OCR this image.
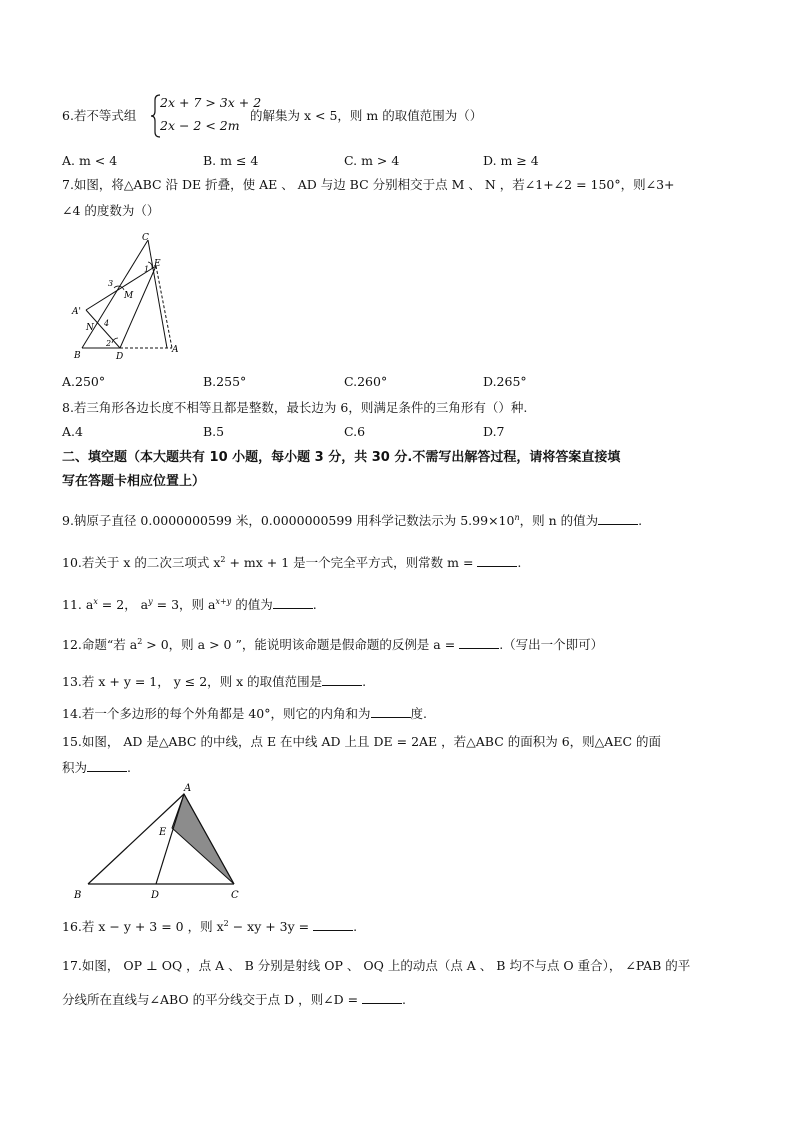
6.若不等式组
2x + 7 > 3x + 2
2x − 2 < 2m
的解集为 x < 5，则 m 的取值范围为（）
A. m < 4	B. m ≤ 4	C. m > 4	D. m ≥ 4
7.如图，将△ABC 沿 DE 折叠，使 AE 、 AD 与边 BC 分别相交于点 M 、 N ，若∠1+∠2 = 150°，则∠3+
∠4 的度数为（）
C
E
1
3
M
A'
N 4
2
B	D
A
A.250°	B.255°	C.260°	D.265°
8.若三角形各边长度不相等且都是整数，最长边为 6，则满足条件的三角形有（）种.
A.4	B.5	C.6	D.7
二、填空题（本大题共有 10 小题，每小题 3 分，共 30 分.不需写出解答过程，请将答案直接填
写在答题卡相应位置上）
9.钠原子直径 0.0000000599 米，0.0000000599 用科学记数法示为 $5.99\times 10^n$，则 n 的值为	.
10.若关于 x 的二次三项式 $x^2$ + mx + 1 是一个完全平方式，则常数 m =	.
11. $a^x = 2$， $a^y = 3$，则 $a^{x+y}$ 的值为	.
12.命题“若 $a^2 > 0$，则 a > 0 ”，能说明该命题是假命题的反例是 a =	.（写出一个即可）
13.若 x + y = 1， y ≤ 2，则 x 的取值范围是	.
14.若一个多边形的每个外角都是 40°，则它的内角和为	度.
15.如图， AD 是△ABC 的中线，点 E 在中线 AD 上且 DE = 2AE ，若△ABC 的面积为 6，则△AEC 的面
积为	.
A
E
B	D	C
16.若 x − y + 3 = 0 ，则 $x^2$ − xy + 3y =	.
17.如图， OP ⊥ OQ ，点 A 、 B 分别是射线 OP 、 OQ 上的动点（点 A 、 B 均不与点 O 重合）， ∠PAB 的平
分线所在直线与∠ABO 的平分线交于点 D ，则∠D =	.
